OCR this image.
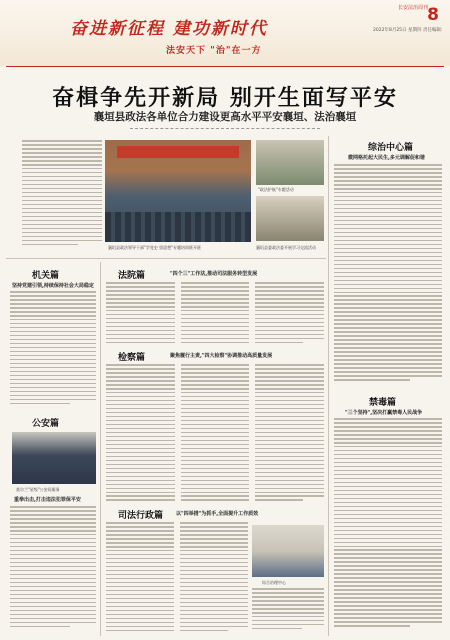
奋进新征程 建功新时代
法安天下 "治"在一方
长安法治周刊 8
2022年8月25日 星期四 责任编辑:
奋楫争先开新局 别开生面写平安
襄垣县政法各单位合力建设更高水平平安襄垣、法治襄垣
襄垣县政法领导干部"学党史 悟思想"专题培训班开班
"政法护航"专题活动
襄垣县委政法委开展学习交流活动
综治中心篇
微网格托起大民生,多元调解促和谐
禁毒篇
"三个坚持",坚决打赢禁毒人民战争
机关篇
坚持党建引领,持续保持社会大局稳定
公安篇
莫尔兰"星级"公安局服务
重拳出击,打击违法犯罪保平安
法院篇	"四个三"工作法,推动司法服务转型发展
检察篇	聚焦履行主责,"四大检察"协调推动高质量发展
司法行政篇	以"四举措"为抓手,全面提升工作质效
综合治理中心
